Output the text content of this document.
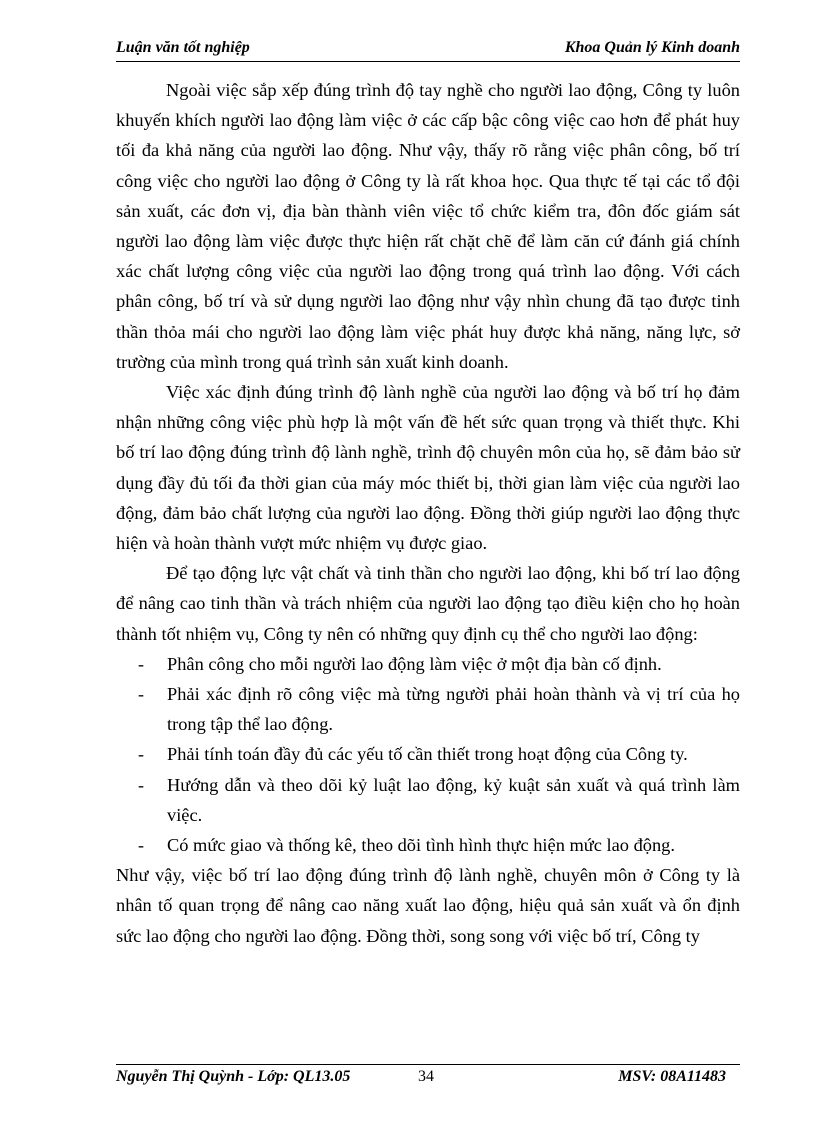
Luận văn tốt nghiệp	Khoa Quản lý Kinh doanh

Ngoài việc sắp xếp đúng trình độ tay nghề cho người lao động, Công ty luôn khuyến khích người lao động làm việc ở các cấp bậc công việc cao hơn để phát huy tối đa khả năng của người lao động. Như vậy, thấy rõ rằng việc phân công, bố trí công việc cho người lao động ở Công ty là rất khoa học. Qua thực tế tại các tổ đội sản xuất, các đơn vị, địa bàn thành viên việc tổ chức kiểm tra, đôn đốc giám sát người lao động làm việc được thực hiện rất chặt chẽ để làm căn cứ đánh giá chính xác chất lượng công việc của người lao động trong quá trình lao động. Với cách phân công, bố trí và sử dụng người lao động như vậy nhìn chung đã tạo được tinh thần thỏa mái cho người lao động làm việc phát huy được khả năng, năng lực, sở trường của mình trong quá trình sản xuất kinh doanh.

Việc xác định đúng trình độ lành nghề của người lao động và bố trí họ đảm nhận những công việc phù hợp là một vấn đề hết sức quan trọng và thiết thực. Khi bố trí lao động đúng trình độ lành nghề, trình độ chuyên môn của họ, sẽ đảm bảo sử dụng đầy đủ tối đa thời gian của máy móc thiết bị, thời gian làm việc của người lao động, đảm bảo chất lượng của người lao động. Đồng thời giúp người lao động thực hiện và hoàn thành vượt mức nhiệm vụ được giao.

Để tạo động lực vật chất và tinh thần cho người lao động, khi bố trí lao động để nâng cao tinh thần và trách nhiệm của người lao động tạo điều kiện cho họ hoàn thành tốt nhiệm vụ, Công ty nên có những quy định cụ thể cho người lao động:

-	Phân công cho mỗi người lao động làm việc ở một địa bàn cố định.
-	Phải xác định rõ công việc mà từng người phải hoàn thành và vị trí của họ trong tập thể lao động.
-	Phải tính toán đầy đủ các yếu tố cần thiết trong hoạt động của Công ty.
-	Hướng dẫn và theo dõi kỷ luật lao động, kỷ kuật sản xuất và quá trình làm việc.
-	Có mức giao và thống kê, theo dõi tình hình thực hiện mức lao động.

Như vậy, việc bố trí lao động đúng trình độ lành nghề, chuyên môn ở Công ty là nhân tố quan trọng để nâng cao năng xuất lao động, hiệu quả sản xuất và ổn định sức lao động cho người lao động. Đồng thời, song song với việc bố trí, Công ty

Nguyễn Thị Quỳnh - Lớp: QL13.05	34	MSV: 08A11483
